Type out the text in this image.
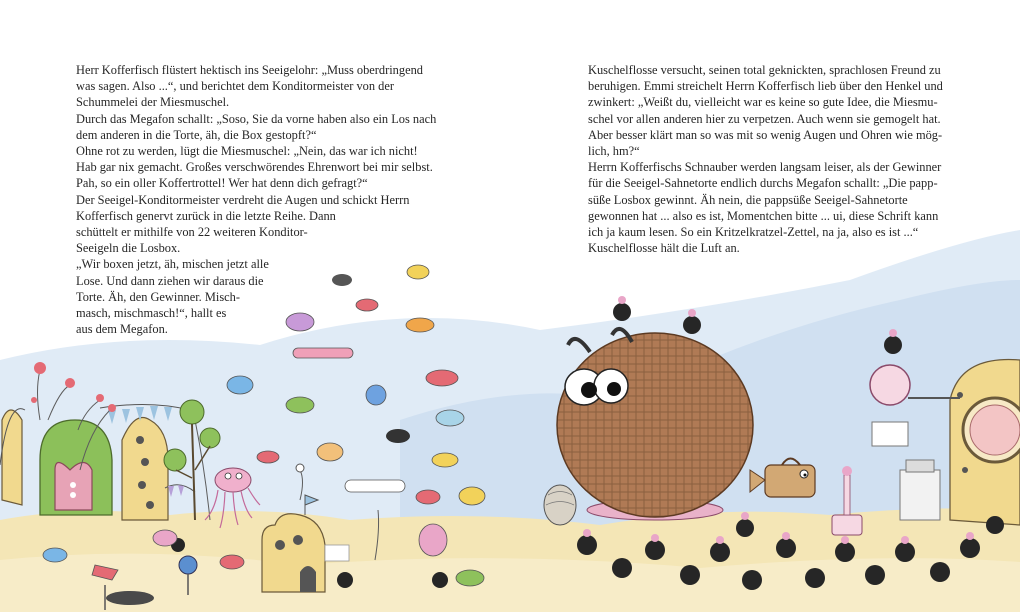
Herr Kofferfisch flüstert hektisch ins Seeigelohr: „Muss oberdringend
was sagen. Also ...“, und berichtet dem Konditormeister von der
Schummelei der Miesmuschel.
Durch das Megafon schallt: „Soso, Sie da vorne haben also ein Los nach
dem anderen in die Torte, äh, die Box gestopft?“
Ohne rot zu werden, lügt die Miesmuschel: „Nein, das war ich nicht!
Hab gar nix gemacht. Großes verschwörendes Ehrenwort bei mir selbst.
Pah, so ein oller Koffertrottel! Wer hat denn dich gefragt?“
Der Seeigel-Konditormeister verdreht die Augen und schickt Herrn
Kofferfisch genervt zurück in die letzte Reihe. Dann
schüttelt er mithilfe von 22 weiteren Konditor-
Seeigeln die Losbox.
„Wir boxen jetzt, äh, mischen jetzt alle
Lose. Und dann ziehen wir daraus die
Torte. Äh, den Gewinner. Misch-
masch, mischmasch!“, hallt es
aus dem Megafon.
Kuschelflosse versucht, seinen total geknickten, sprachlosen Freund zu
beruhigen. Emmi streichelt Herrn Kofferfisch lieb über den Henkel und
zwinkert: „Weißt du, vielleicht war es keine so gute Idee, die Miesmu-
schel vor allen anderen hier zu verpetzen. Auch wenn sie gemogelt hat.
Aber besser klärt man so was mit so wenig Augen und Ohren wie mög-
lich, hm?“
Herrn Kofferfischs Schnauber werden langsam leiser, als der Gewinner
für die Seeigel-Sahnetorte endlich durchs Megafon schallt: „Die papp-
süße Losbox gewinnt. Äh nein, die pappsüße Seeigel-Sahnetorte
gewonnen hat ... also es ist, Momentchen bitte ... ui, diese Schrift kann
ich ja kaum lesen. So ein Kritzelkratzel-Zettel, na ja, also es ist ...“
Kuschelflosse hält die Luft an.
